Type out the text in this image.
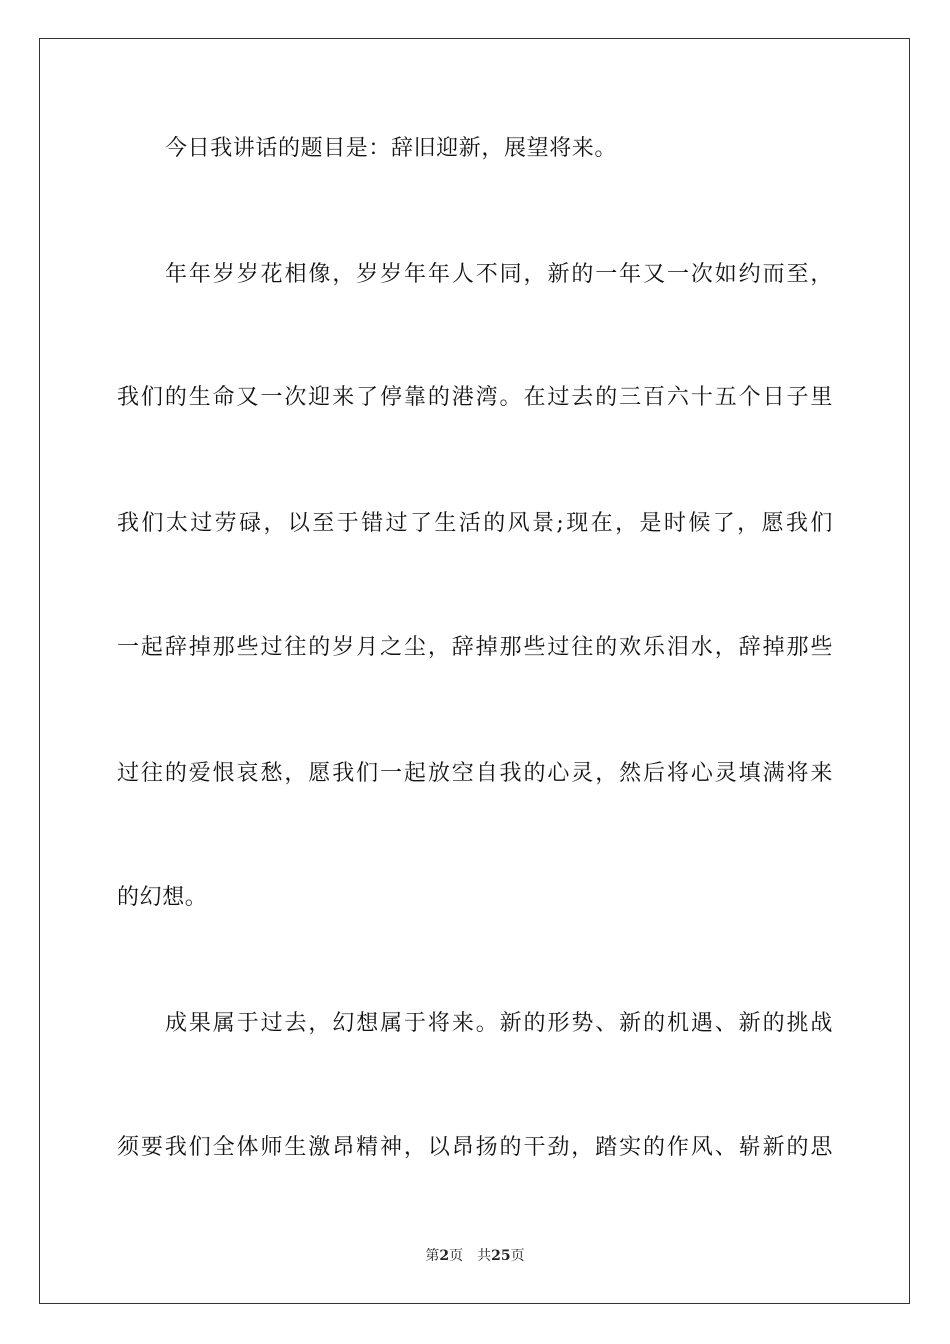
今日我讲话的题目是：辞旧迎新，展望将来。
年年岁岁花相像，岁岁年年人不同，新的一年又一次如约而至，
我们的生命又一次迎来了停靠的港湾。在过去的三百六十五个日子里
我们太过劳碌，以至于错过了生活的风景;现在，是时候了，愿我们
一起辞掉那些过往的岁月之尘，辞掉那些过往的欢乐泪水，辞掉那些
过往的爱恨哀愁，愿我们一起放空自我的心灵，然后将心灵填满将来
的幻想。
成果属于过去，幻想属于将来。新的形势、新的机遇、新的挑战
须要我们全体师生激昂精神，以昂扬的干劲，踏实的作风、崭新的思
第2页 共25页
